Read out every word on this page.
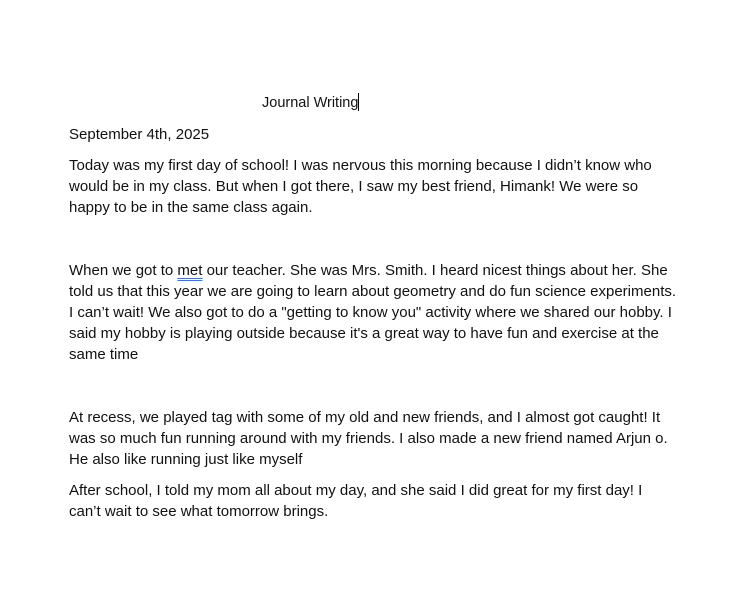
Journal Writing

September 4th, 2025

Today was my first day of school! I was nervous this morning because I didn’t know who
would be in my class. But when I got there, I saw my best friend, Himank! We were so
happy to be in the same class again.
When we got to met our teacher. She was Mrs. Smith. I heard nicest things about her. She
told us that this year we are going to learn about geometry and do fun science experiments.
I can’t wait! We also got to do a "getting to know you" activity where we shared our hobby. I
said my hobby is playing outside because it's a great way to have fun and exercise at the
same time
At recess, we played tag with some of my old and new friends, and I almost got caught! It
was so much fun running around with my friends. I also made a new friend named Arjun o.
He also like running just like myself
After school, I told my mom all about my day, and she said I did great for my first day! I
can’t wait to see what tomorrow brings.
